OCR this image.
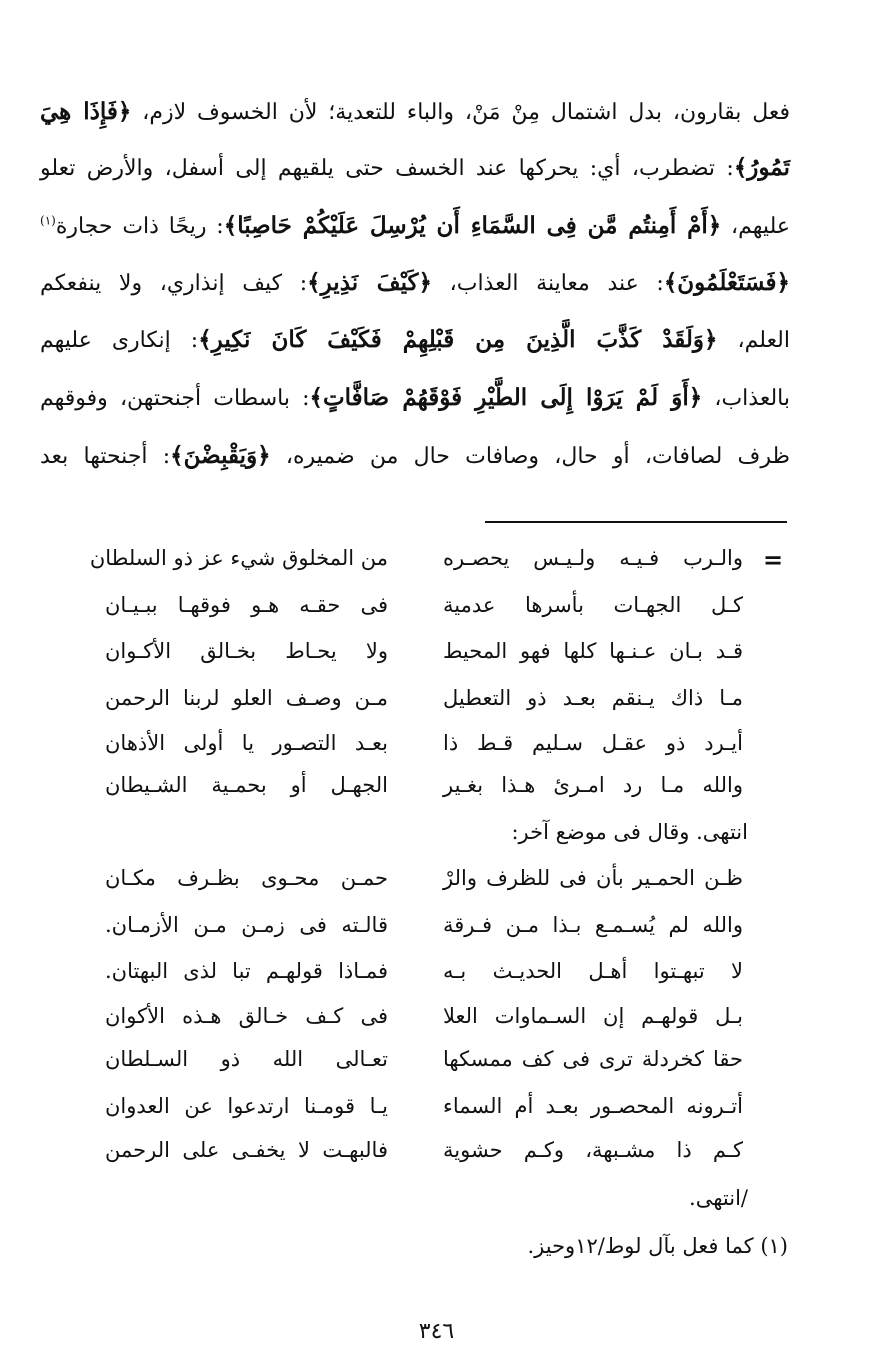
فعل بقارون، بدل اشتمال مِنْ مَنْ، والباء للتعدية؛ لأن الخسوف لازم، ﴿فَإِذَا هِيَ
تَمُورُ﴾: تضطرب، أي: يحركها عند الخسف حتى يلقيهم إلى أسفل، والأرض تعلو
عليهم، ﴿أَمْ أَمِنتُم مَّن فِى السَّمَاءِ أَن يُرْسِلَ عَلَيْكُمْ حَاصِبًا﴾: ريحًا ذات حجارة$^{(١)}$
﴿فَسَتَعْلَمُونَ﴾: عند معاينة العذاب، ﴿كَيْفَ نَذِيرِ﴾: كيف إنذاري، ولا ينفعكم
العلم، ﴿وَلَقَدْ كَذَّبَ الَّذِينَ مِن قَبْلِهِمْ فَكَيْفَ كَانَ نَكِيرِ﴾: إنكارى عليهم
بالعذاب، ﴿أَوَ لَمْ يَرَوْا إِلَى الطَّيْرِ فَوْقَهُمْ صَافَّاتٍ﴾: باسطات أجنحتهن، وفوقهم
ظرف لصافات، أو حال، وصافات حال من ضميره، ﴿وَيَقْبِضْنَ﴾: أجنحتها بعد
=
والـرب فـيـه ولـيـس يحصـره
من المخلوق شيء عز ذو السلطان
كـل الجهـات بأسرها عدمية
فى حقـه هـو فوقهـا ببـيـان
قـد بـان عـنـها كلها فهو المحيط
ولا يحـاط بخـالق الأكـوان
مـا ذاك يـنقم بعـد ذو التعطيل
مـن وصـف العلو لربنا الرحمن
أيـرد ذو عقـل سـليم قـط ذا
بعـد التصـور يا أولى الأذهان
والله مـا رد امـرئ هـذا بغـير
الجهـل أو بحمـية الشـيطان
انتهى. وقال فى موضع آخر:
ظـن الحمـير بأن فى للظرف والرْ
حمـن محـوى بظـرف مكـان
والله لم يُسـمـع بـذا مـن فـرقة
قالـته فى زمـن مـن الأزمـان.
لا تبهـتوا أهـل الحديـث بـه
فمـاذا قولهـم تبا لذى البهتان.
بـل قولهـم إن السـماوات العلا
فى كـف خـالق هـذه الأكوان
حقا كخردلة ترى فى كف ممسكها
تعـالى الله ذو السـلطان
أتـرونه المحصـور بعـد أم السماء
يـا قومـنا ارتدعوا عن العدوان
كـم ذا مشـبهة، وكـم حشوية
فالبهـت لا يخفـى على الرحمن
/انتهى.
(١) كما فعل بآل لوط/١٢وحيز.
٣٤٦
